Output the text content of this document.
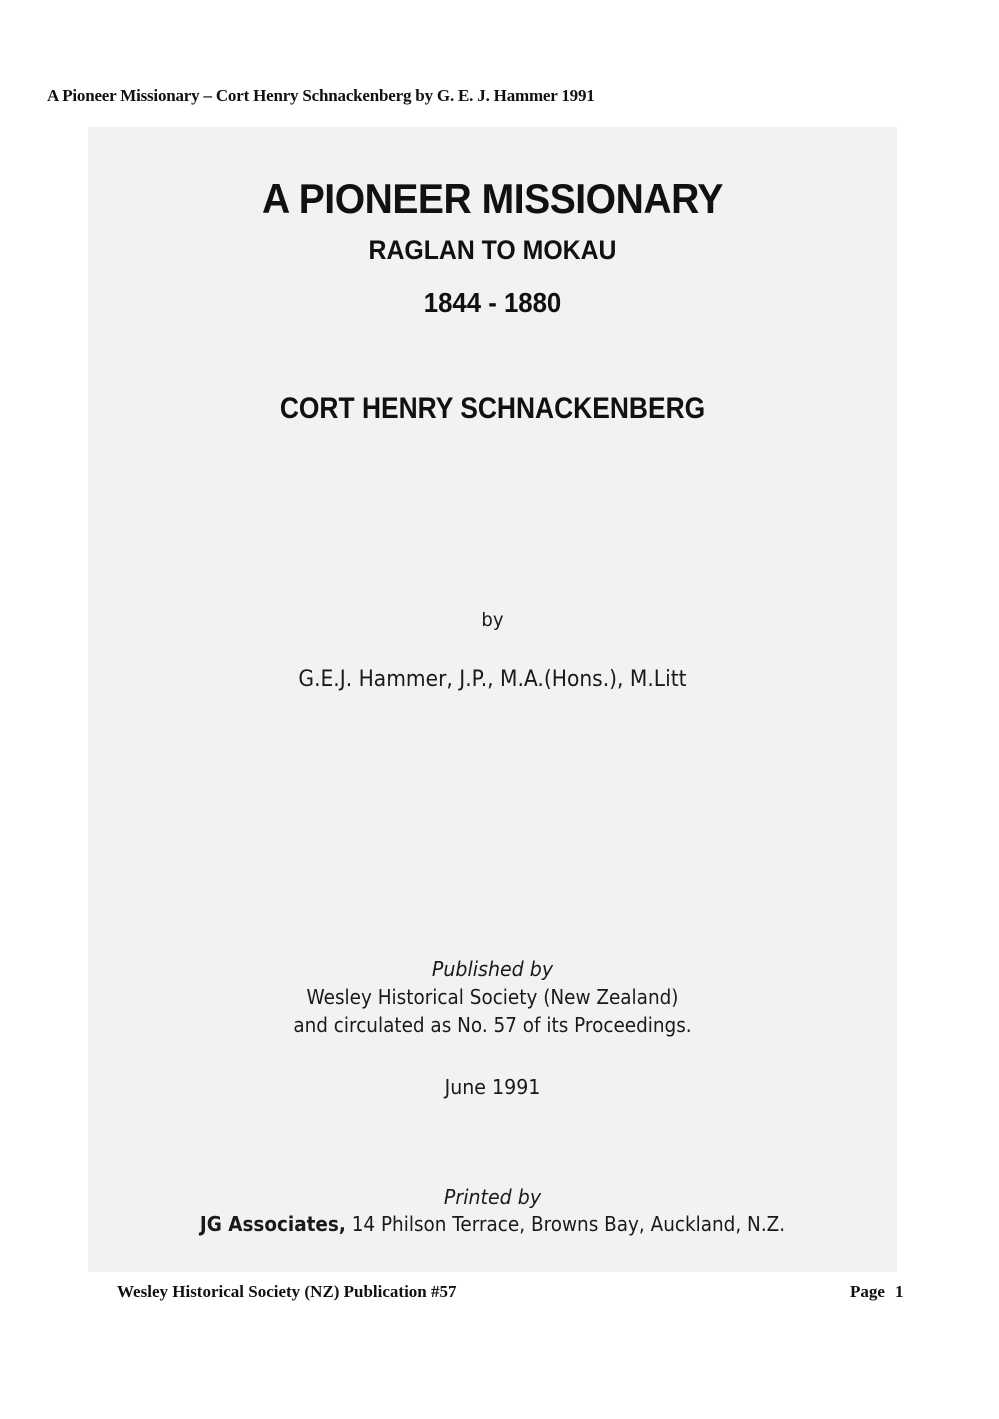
A Pioneer Missionary – Cort Henry Schnackenberg by G. E. J. Hammer 1991
A PIONEER MISSIONARY
RAGLAN TO MOKAU
1844 - 1880
CORT HENRY SCHNACKENBERG
by
G.E.J. Hammer, J.P., M.A.(Hons.), M.Litt
Published by
Wesley Historical Society (New Zealand)
and circulated as No. 57 of its Proceedings.
June 1991
Printed by
JG Associates, 14 Philson Terrace, Browns Bay, Auckland, N.Z.
Wesley Historical Society (NZ) Publication #57	Page 1
